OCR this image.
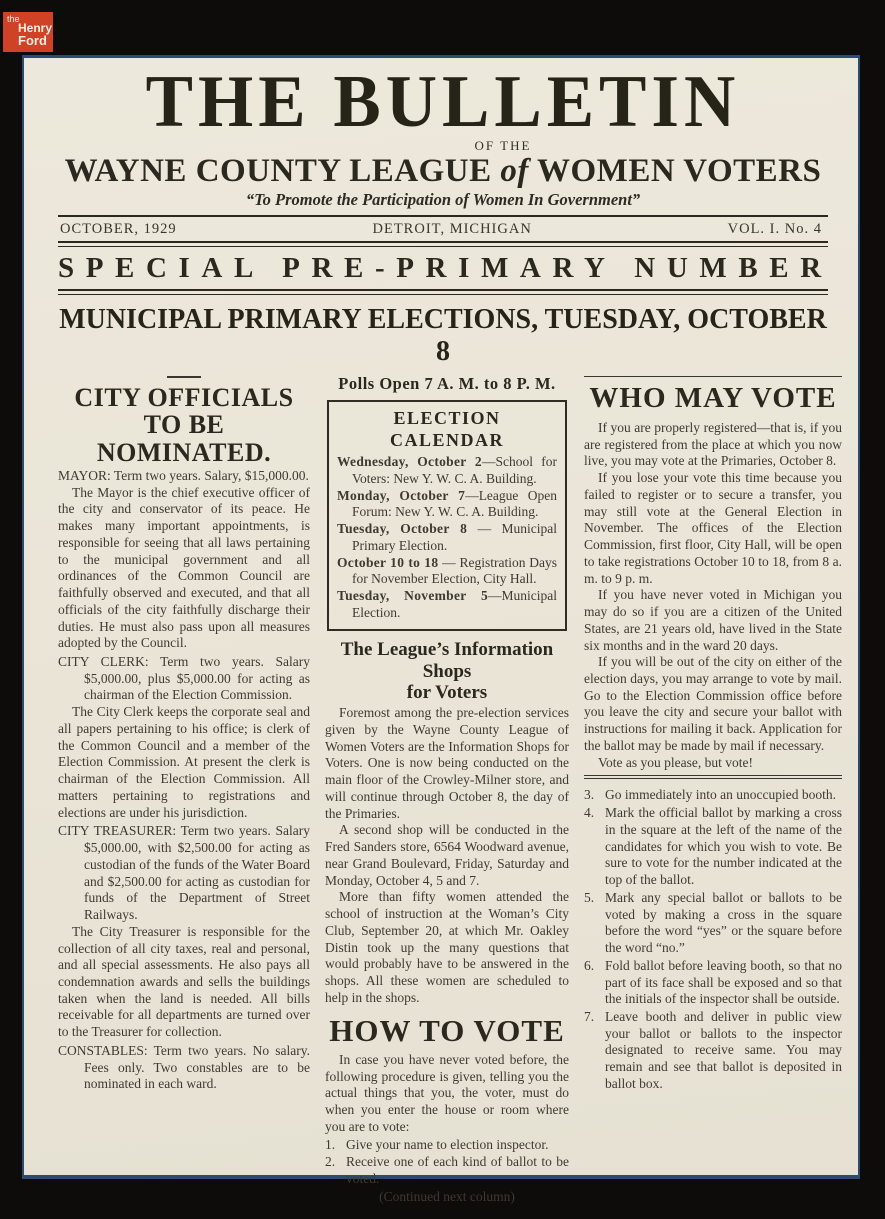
the
Henry
Ford
THE BULLETIN
OF THE
WAYNE COUNTY LEAGUE of WOMEN VOTERS
“To Promote the Participation of Women In Government”
OCTOBER, 1929	DETROIT, MICHIGAN	VOL. I. No. 4
SPECIAL PRE-PRIMARY NUMBER
MUNICIPAL PRIMARY ELECTIONS, TUESDAY, OCTOBER 8
CITY OFFICIALS
TO BE NOMINATED.

MAYOR: Term two years. Salary, $15,000.00.

The Mayor is the chief executive officer of the city and conservator of its peace. He makes many important appointments, is responsible for seeing that all laws pertaining to the municipal government and all ordinances of the Common Council are faithfully observed and executed, and that all officials of the city faithfully discharge their duties. He must also pass upon all measures adopted by the Council.

CITY CLERK: Term two years. Salary $5,000.00, plus $5,000.00 for acting as chairman of the Election Commission.

The City Clerk keeps the corporate seal and all papers pertaining to his office; is clerk of the Common Council and a member of the Election Commission. At present the clerk is chairman of the Election Commission. All matters pertaining to registrations and elections are under his jurisdiction.

CITY TREASURER: Term two years. Salary $5,000.00, with $2,500.00 for acting as custodian of the funds of the Water Board and $2,500.00 for acting as custodian for funds of the Department of Street Railways.

The City Treasurer is responsible for the collection of all city taxes, real and personal, and all special assessments. He also pays all condemnation awards and sells the buildings taken when the land is needed. All bills receivable for all departments are turned over to the Treasurer for collection.

CONSTABLES: Term two years. No salary. Fees only. Two constables are to be nominated in each ward.

Polls Open 7 A. M. to 8 P. M.
ELECTION CALENDAR

Wednesday, October 2—School for Voters: New Y. W. C. A. Building.

Monday, October 7—League Open Forum: New Y. W. C. A. Building.

Tuesday, October 8 — Municipal Primary Election.

October 10 to 18 — Registration Days for November Election, City Hall.

Tuesday, November 5—Municipal Election.

The League’s Information Shops
for Voters

Foremost among the pre-election services given by the Wayne County League of Women Voters are the Information Shops for Voters. One is now being conducted on the main floor of the Crowley-Milner store, and will continue through October 8, the day of the Primaries.

A second shop will be conducted in the Fred Sanders store, 6564 Woodward avenue, near Grand Boulevard, Friday, Saturday and Monday, October 4, 5 and 7.

More than fifty women attended the school of instruction at the Woman’s City Club, September 20, at which Mr. Oakley Distin took up the many questions that would probably have to be answered in the shops. All these women are scheduled to help in the shops.

HOW TO VOTE

In case you have never voted before, the following procedure is given, telling you the actual things that you, the voter, must do when you enter the house or room where you are to vote:

1. Give your name to election inspector.
2. Receive one of each kind of ballot to be voted.

(Continued next column)

WHO MAY VOTE

If you are properly registered—that is, if you are registered from the place at which you now live, you may vote at the Primaries, October 8.

If you lose your vote this time because you failed to register or to secure a transfer, you may still vote at the General Election in November. The offices of the Election Commission, first floor, City Hall, will be open to take registrations October 10 to 18, from 8 a. m. to 9 p. m.

If you have never voted in Michigan you may do so if you are a citizen of the United States, are 21 years old, have lived in the State six months and in the ward 20 days.

If you will be out of the city on either of the election days, you may arrange to vote by mail. Go to the Election Commission office before you leave the city and secure your ballot with instructions for mailing it back. Application for the ballot may be made by mail if necessary.

Vote as you please, but vote!

3. Go immediately into an unoccupied booth.
4. Mark the official ballot by marking a cross in the square at the left of the name of the candidates for which you wish to vote. Be sure to vote for the number indicated at the top of the ballot.
5. Mark any special ballot or ballots to be voted by making a cross in the square before the word “yes” or the square before the word “no.”
6. Fold ballot before leaving booth, so that no part of its face shall be exposed and so that the initials of the inspector shall be outside.
7. Leave booth and deliver in public view your ballot or ballots to the inspector designated to receive same. You may remain and see that ballot is deposited in ballot box.
